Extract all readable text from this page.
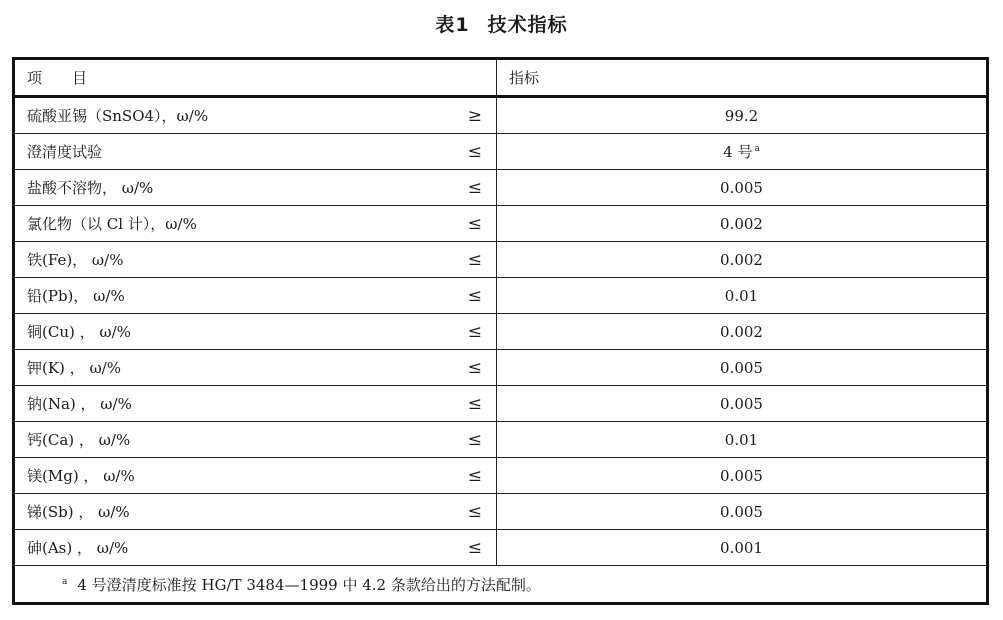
表1 技术指标
项　　目	指标
硫酸亚锡（SnSO4），ω/% ≥	99.2
澄清度试验 ≤	4 号 $^a$
盐酸不溶物， ω/% ≤	0.005
氯化物（以 Cl 计），ω/% ≤	0.002
铁(Fe)， ω/% ≤	0.002
铅(Pb)， ω/% ≤	0.01
铜(Cu) ， ω/% ≤	0.002
钾(K) ， ω/% ≤	0.005
钠(Na) ， ω/% ≤	0.005
钙(Ca) ， ω/% ≤	0.01
镁(Mg) ， ω/% ≤	0.005
锑(Sb) ， ω/% ≤	0.005
砷(As) ， ω/% ≤	0.001
$^a$ 4 号澄清度标准按 HG/T 3484—1999 中 4.2 条款给出的方法配制。	
